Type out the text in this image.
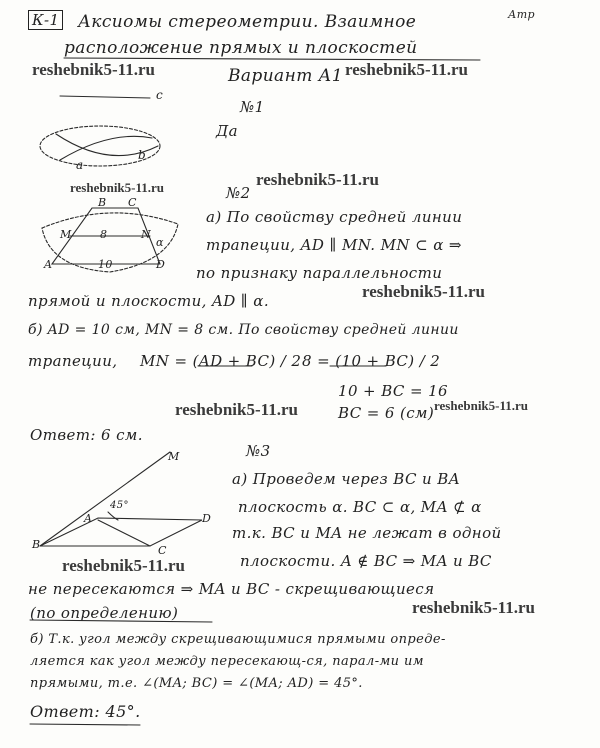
К-1 Аксиомы стереометрии. Взаимное	Атр
расположение прямых и плоскостей
reshebnik5-11.ru	Вариант А1 reshebnik5-11.ru
№1
Да
c
a
b
reshebnik5-11.ru	reshebnik5-11.ru
№2
B C
M	N
α
8
A	10	D
а) По свойству средней линии
трапеции, AD ∥ MN. MN ⊂ α ⇒
по признаку параллельности
прямой и плоскости, AD ∥ α.	reshebnik5-11.ru
б) AD = 10 см, MN = 8 см. По свойству средней линии
трапеции, MN = (AD + BC) / 2 8 = (10 + BC) / 2
10 + BC = 16
BC = 6 (см)
reshebnik5-11.ru	reshebnik5-11.ru
Ответ: 6 см.
№3
M
A
45°
D
B	C
а) Проведем через BC и BA
плоскость α. BC ⊂ α, MA ⊄ α
т.к. BC и MA не лежат в одной
reshebnik5-11.ru	плоскости. A ∉ BC ⇒ MA и BC
не пересекаются ⇒ MA и BC - скрещивающиеся
(по определению)	reshebnik5-11.ru
б) Т.к. угол между скрещивающимися прямыми опреде-
ляется как угол между пересекающ-ся, парал-ми им
прямыми, т.е. ∠(MA; BC) = ∠(MA; AD) = 45°.
Ответ: 45°.
